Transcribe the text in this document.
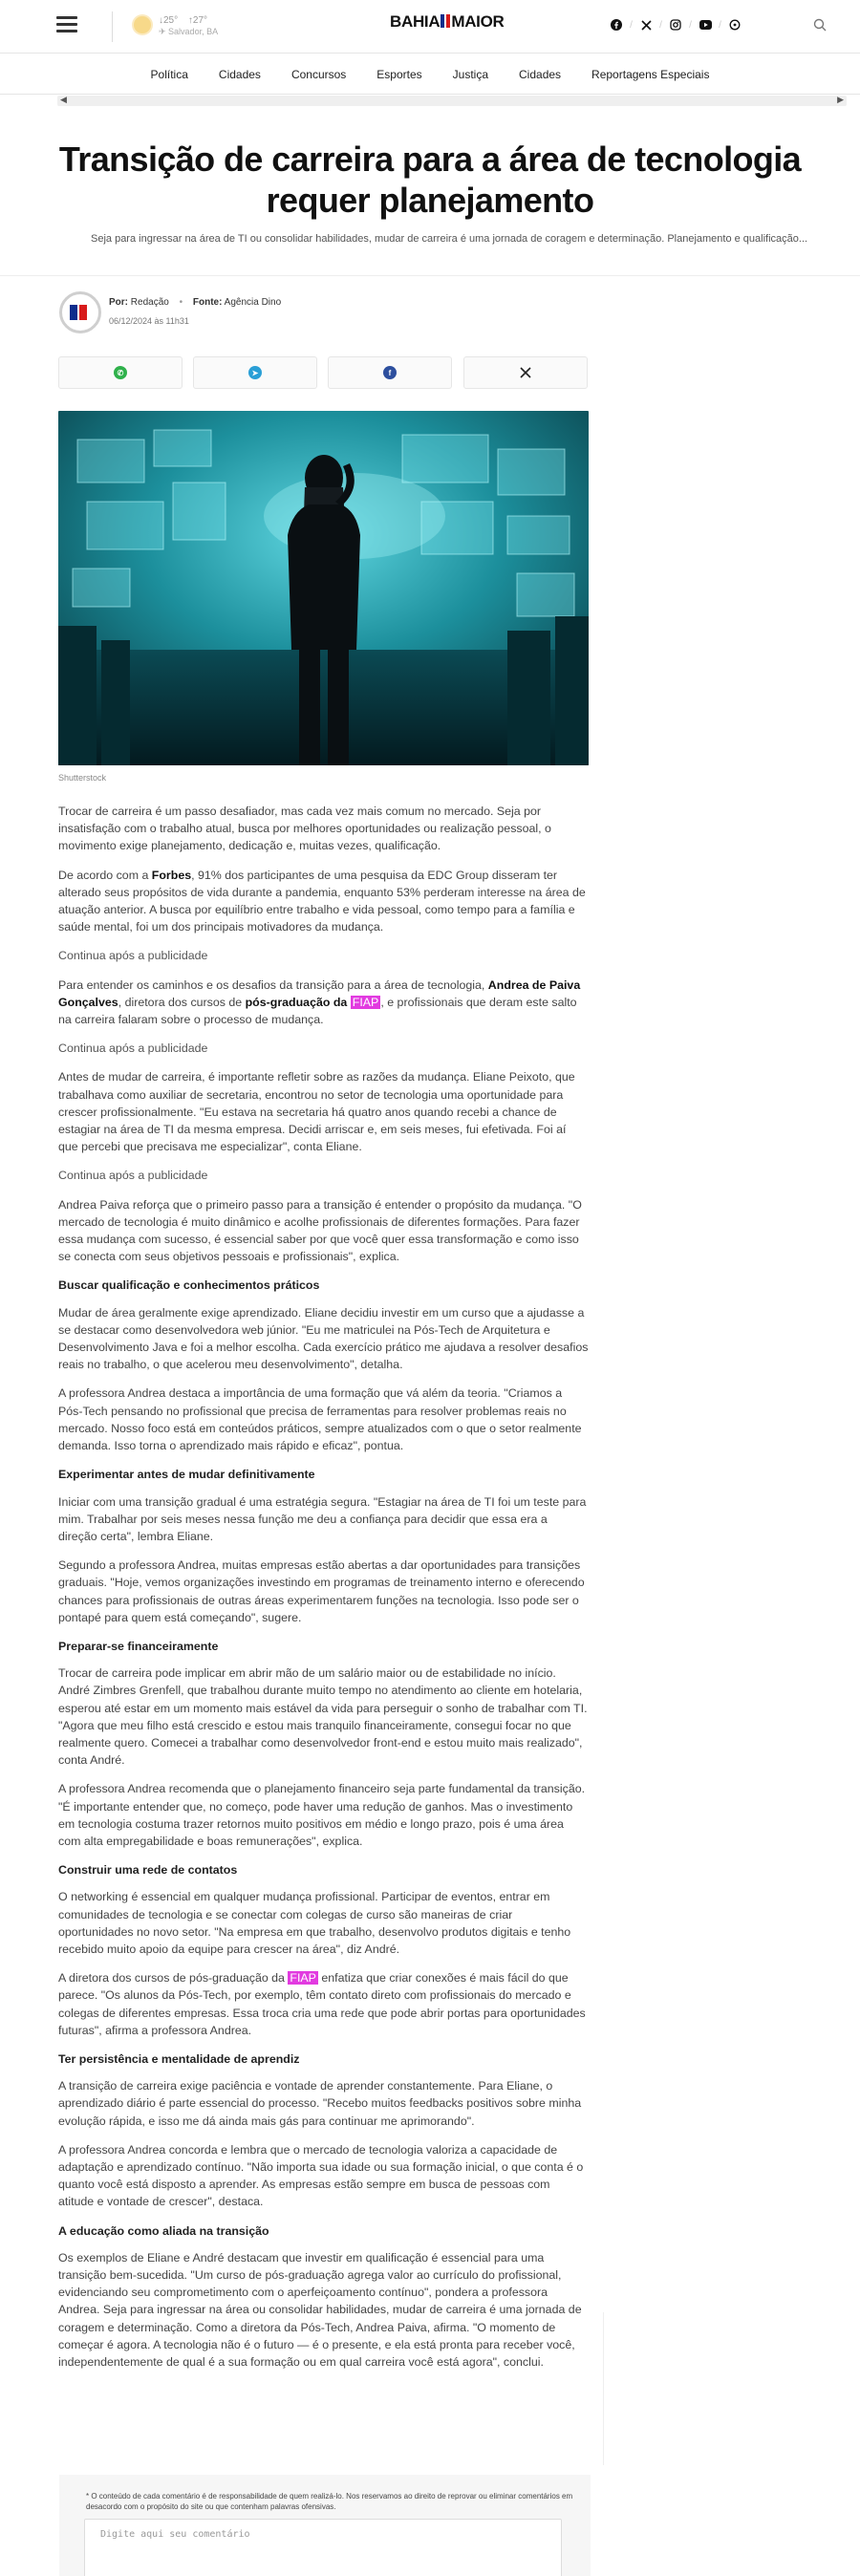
↓25° ↑27°
✈ Salvador, BA
BAHIA MAIOR	/	/	/	/
Política	Cidades	Concursos	Esportes	Justiça	Cidades	Reportagens Especiais
◀	▶
Transição de carreira para a área de tecnologia requer planejamento
Seja para ingressar na área de TI ou consolidar habilidades, mudar de carreira é uma jornada de coragem e determinação. Planejamento e qualificação...
Por: Redação • Fonte: Agência Dino
06/12/2024 às 11h31
✆	➤	f
Shutterstock

Trocar de carreira é um passo desafiador, mas cada vez mais comum no mercado. Seja por insatisfação com o trabalho atual, busca por melhores oportunidades ou realização pessoal, o movimento exige planejamento, dedicação e, muitas vezes, qualificação.

De acordo com a Forbes, 91% dos participantes de uma pesquisa da EDC Group disseram ter alterado seus propósitos de vida durante a pandemia, enquanto 53% perderam interesse na área de atuação anterior. A busca por equilíbrio entre trabalho e vida pessoal, como tempo para a família e saúde mental, foi um dos principais motivadores da mudança.

Continua após a publicidade

Para entender os caminhos e os desafios da transição para a área de tecnologia, Andrea de Paiva Gonçalves, diretora dos cursos de pós-graduação da FIAP , e profissionais que deram este salto na carreira falaram sobre o processo de mudança.

Continua após a publicidade

Antes de mudar de carreira, é importante refletir sobre as razões da mudança. Eliane Peixoto, que trabalhava como auxiliar de secretaria, encontrou no setor de tecnologia uma oportunidade para crescer profissionalmente. "Eu estava na secretaria há quatro anos quando recebi a chance de estagiar na área de TI da mesma empresa. Decidi arriscar e, em seis meses, fui efetivada. Foi aí que percebi que precisava me especializar", conta Eliane.

Continua após a publicidade

Andrea Paiva reforça que o primeiro passo para a transição é entender o propósito da mudança. "O mercado de tecnologia é muito dinâmico e acolhe profissionais de diferentes formações. Para fazer essa mudança com sucesso, é essencial saber por que você quer essa transformação e como isso se conecta com seus objetivos pessoais e profissionais", explica.

Buscar qualificação e conhecimentos práticos

Mudar de área geralmente exige aprendizado. Eliane decidiu investir em um curso que a ajudasse a se destacar como desenvolvedora web júnior. "Eu me matriculei na Pós-Tech de Arquitetura e Desenvolvimento Java e foi a melhor escolha. Cada exercício prático me ajudava a resolver desafios reais no trabalho, o que acelerou meu desenvolvimento", detalha.

A professora Andrea destaca a importância de uma formação que vá além da teoria. "Criamos a Pós-Tech pensando no profissional que precisa de ferramentas para resolver problemas reais no mercado. Nosso foco está em conteúdos práticos, sempre atualizados com o que o setor realmente demanda. Isso torna o aprendizado mais rápido e eficaz", pontua.

Experimentar antes de mudar definitivamente

Iniciar com uma transição gradual é uma estratégia segura. "Estagiar na área de TI foi um teste para mim. Trabalhar por seis meses nessa função me deu a confiança para decidir que essa era a direção certa", lembra Eliane.

Segundo a professora Andrea, muitas empresas estão abertas a dar oportunidades para transições graduais. "Hoje, vemos organizações investindo em programas de treinamento interno e oferecendo chances para profissionais de outras áreas experimentarem funções na tecnologia. Isso pode ser o pontapé para quem está começando", sugere.

Preparar-se financeiramente

Trocar de carreira pode implicar em abrir mão de um salário maior ou de estabilidade no início. André Zimbres Grenfell, que trabalhou durante muito tempo no atendimento ao cliente em hotelaria, esperou até estar em um momento mais estável da vida para perseguir o sonho de trabalhar com TI. "Agora que meu filho está crescido e estou mais tranquilo financeiramente, consegui focar no que realmente quero. Comecei a trabalhar como desenvolvedor front-end e estou muito mais realizado", conta André.

A professora Andrea recomenda que o planejamento financeiro seja parte fundamental da transição. "É importante entender que, no começo, pode haver uma redução de ganhos. Mas o investimento em tecnologia costuma trazer retornos muito positivos em médio e longo prazo, pois é uma área com alta empregabilidade e boas remunerações", explica.

Construir uma rede de contatos

O networking é essencial em qualquer mudança profissional. Participar de eventos, entrar em comunidades de tecnologia e se conectar com colegas de curso são maneiras de criar oportunidades no novo setor. "Na empresa em que trabalho, desenvolvo produtos digitais e tenho recebido muito apoio da equipe para crescer na área", diz André.

A diretora dos cursos de pós-graduação da FIAP enfatiza que criar conexões é mais fácil do que parece. "Os alunos da Pós-Tech, por exemplo, têm contato direto com profissionais do mercado e colegas de diferentes empresas. Essa troca cria uma rede que pode abrir portas para oportunidades futuras", afirma a professora Andrea.

Ter persistência e mentalidade de aprendiz

A transição de carreira exige paciência e vontade de aprender constantemente. Para Eliane, o aprendizado diário é parte essencial do processo. "Recebo muitos feedbacks positivos sobre minha evolução rápida, e isso me dá ainda mais gás para continuar me aprimorando".

A professora Andrea concorda e lembra que o mercado de tecnologia valoriza a capacidade de adaptação e aprendizado contínuo. "Não importa sua idade ou sua formação inicial, o que conta é o quanto você está disposto a aprender. As empresas estão sempre em busca de pessoas com atitude e vontade de crescer", destaca.

A educação como aliada na transição

Os exemplos de Eliane e André destacam que investir em qualificação é essencial para uma transição bem-sucedida. "Um curso de pós-graduação agrega valor ao currículo do profissional, evidenciando seu comprometimento com o aperfeiçoamento contínuo", pondera a professora Andrea. Seja para ingressar na área ou consolidar habilidades, mudar de carreira é uma jornada de coragem e determinação. Como a diretora da Pós-Tech, Andrea Paiva, afirma. "O momento de começar é agora. A tecnologia não é o futuro — é o presente, e ela está pronta para receber você, independentemente de qual é a sua formação ou em qual carreira você está agora", conclui.

* O conteúdo de cada comentário é de responsabilidade de quem realizá-lo. Nos reservamos ao direito de reprovar ou eliminar comentários em desacordo com o propósito do site ou que contenham palavras ofensivas.
Digite aqui seu comentário
